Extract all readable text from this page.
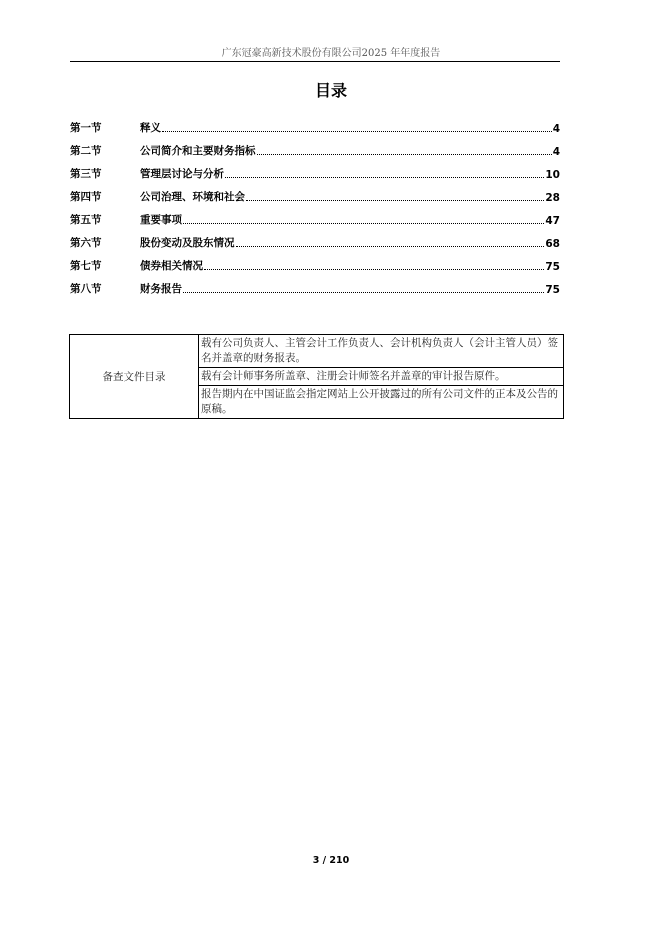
广东冠豪高新技术股份有限公司2025 年年度报告
目录
第一节	释义	4
第二节	公司简介和主要财务指标	4
第三节	管理层讨论与分析	10
第四节	公司治理、环境和社会	28
第五节	重要事项	47
第六节	股份变动及股东情况	68
第七节	债券相关情况	75
第八节	财务报告	75
备查文件目录	载有公司负责人、主管会计工作负责人、会计机构负责人（会计主管人员）签名并盖章的财务报表。
载有会计师事务所盖章、注册会计师签名并盖章的审计报告原件。
报告期内在中国证监会指定网站上公开披露过的所有公司文件的正本及公告的原稿。
3 / 210
